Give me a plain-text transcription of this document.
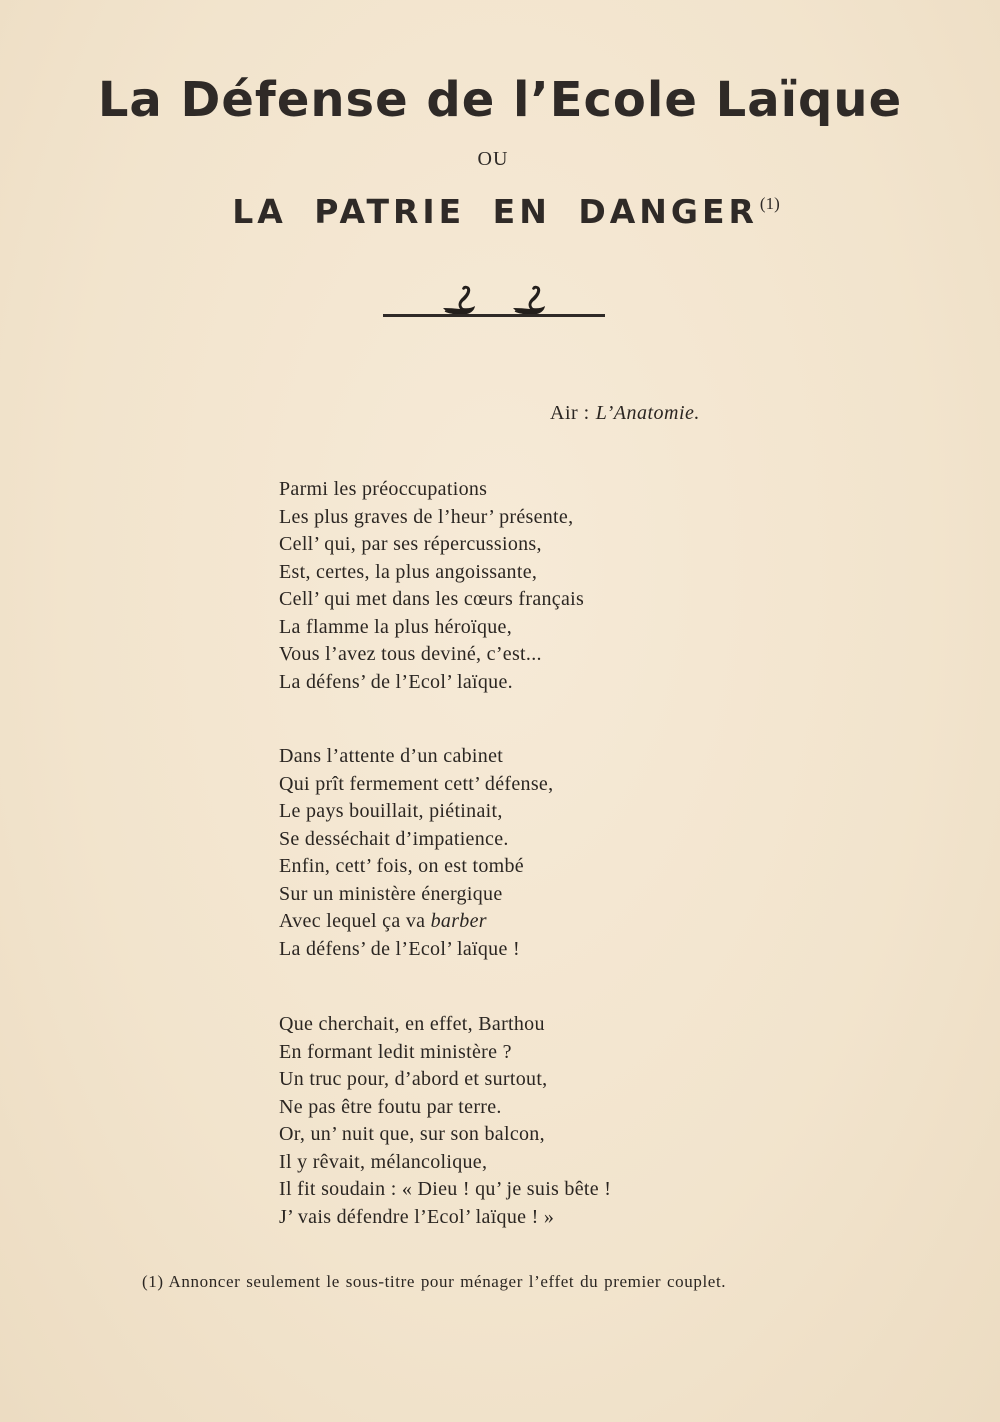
La Défense de l’Ecole Laïque
OU
LA PATRIE EN DANGER $^{(1)}$
Air : L’Anatomie.
Parmi les préoccupations
Les plus graves de l’heur’ présente,
Cell’ qui, par ses répercussions,
Est, certes, la plus angoissante,
Cell’ qui met dans les cœurs français
La flamme la plus héroïque,
Vous l’avez tous deviné, c’est...
La défens’ de l’Ecol’ laïque.
Dans l’attente d’un cabinet
Qui prît fermement cett’ défense,
Le pays bouillait, piétinait,
Se desséchait d’impatience.
Enfin, cett’ fois, on est tombé
Sur un ministère énergique
Avec lequel ça va barber
La défens’ de l’Ecol’ laïque !
Que cherchait, en effet, Barthou
En formant ledit ministère ?
Un truc pour, d’abord et surtout,
Ne pas être foutu par terre.
Or, un’ nuit que, sur son balcon,
Il y rêvait, mélancolique,
Il fit soudain : « Dieu ! qu’ je suis bête !
J’ vais défendre l’Ecol’ laïque ! »
(1) Annoncer seulement le sous-titre pour ménager l’effet du premier couplet.
